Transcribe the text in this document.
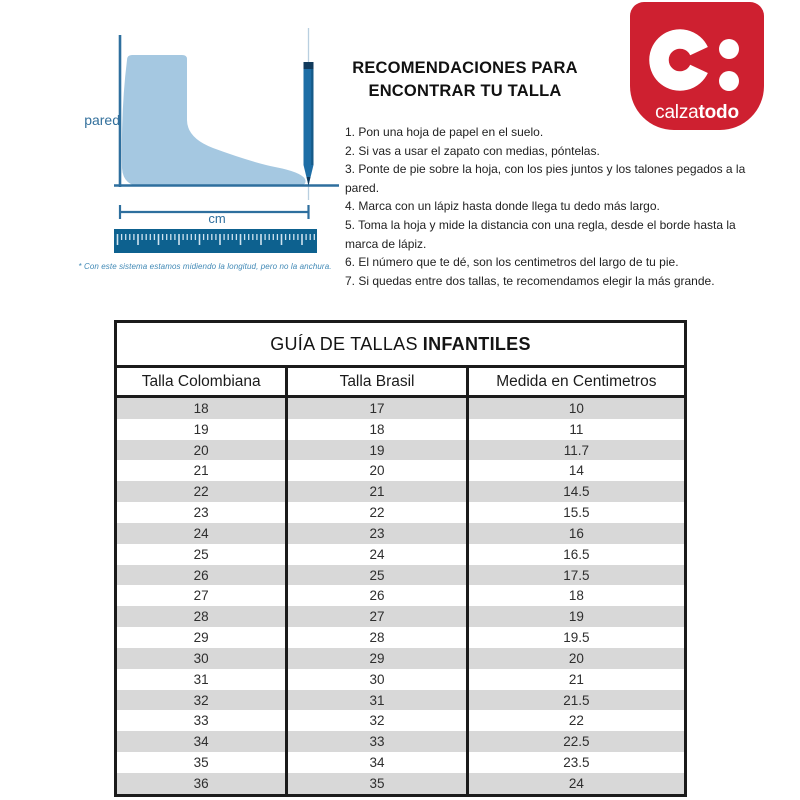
pared
cm
* Con este sistema estamos midiendo la longitud, pero no la anchura.
RECOMENDACIONES PARA
ENCONTRAR TU TALLA
1. Pon una hoja de papel en el suelo.
2. Si vas a usar el zapato con medias, póntelas.
3. Ponte de pie sobre la hoja, con los pies juntos y los talones pegados a la pared.
4. Marca con un lápiz hasta donde llega tu dedo más largo.
5. Toma la hoja y mide la distancia con una regla, desde el borde hasta la marca de lápiz.
6. El número que te dé, son los centimetros del largo de tu pie.
7. Si quedas entre dos tallas, te recomendamos elegir la más grande.
calzatodo
GUÍA DE TALLAS INFANTILES
Talla Colombiana	Talla Brasil	Medida en Centimetros
18	17	10
19	18	11
20	19	11.7
21	20	14
22	21	14.5
23	22	15.5
24	23	16
25	24	16.5
26	25	17.5
27	26	18
28	27	19
29	28	19.5
30	29	20
31	30	21
32	31	21.5
33	32	22
34	33	22.5
35	34	23.5
36	35	24
